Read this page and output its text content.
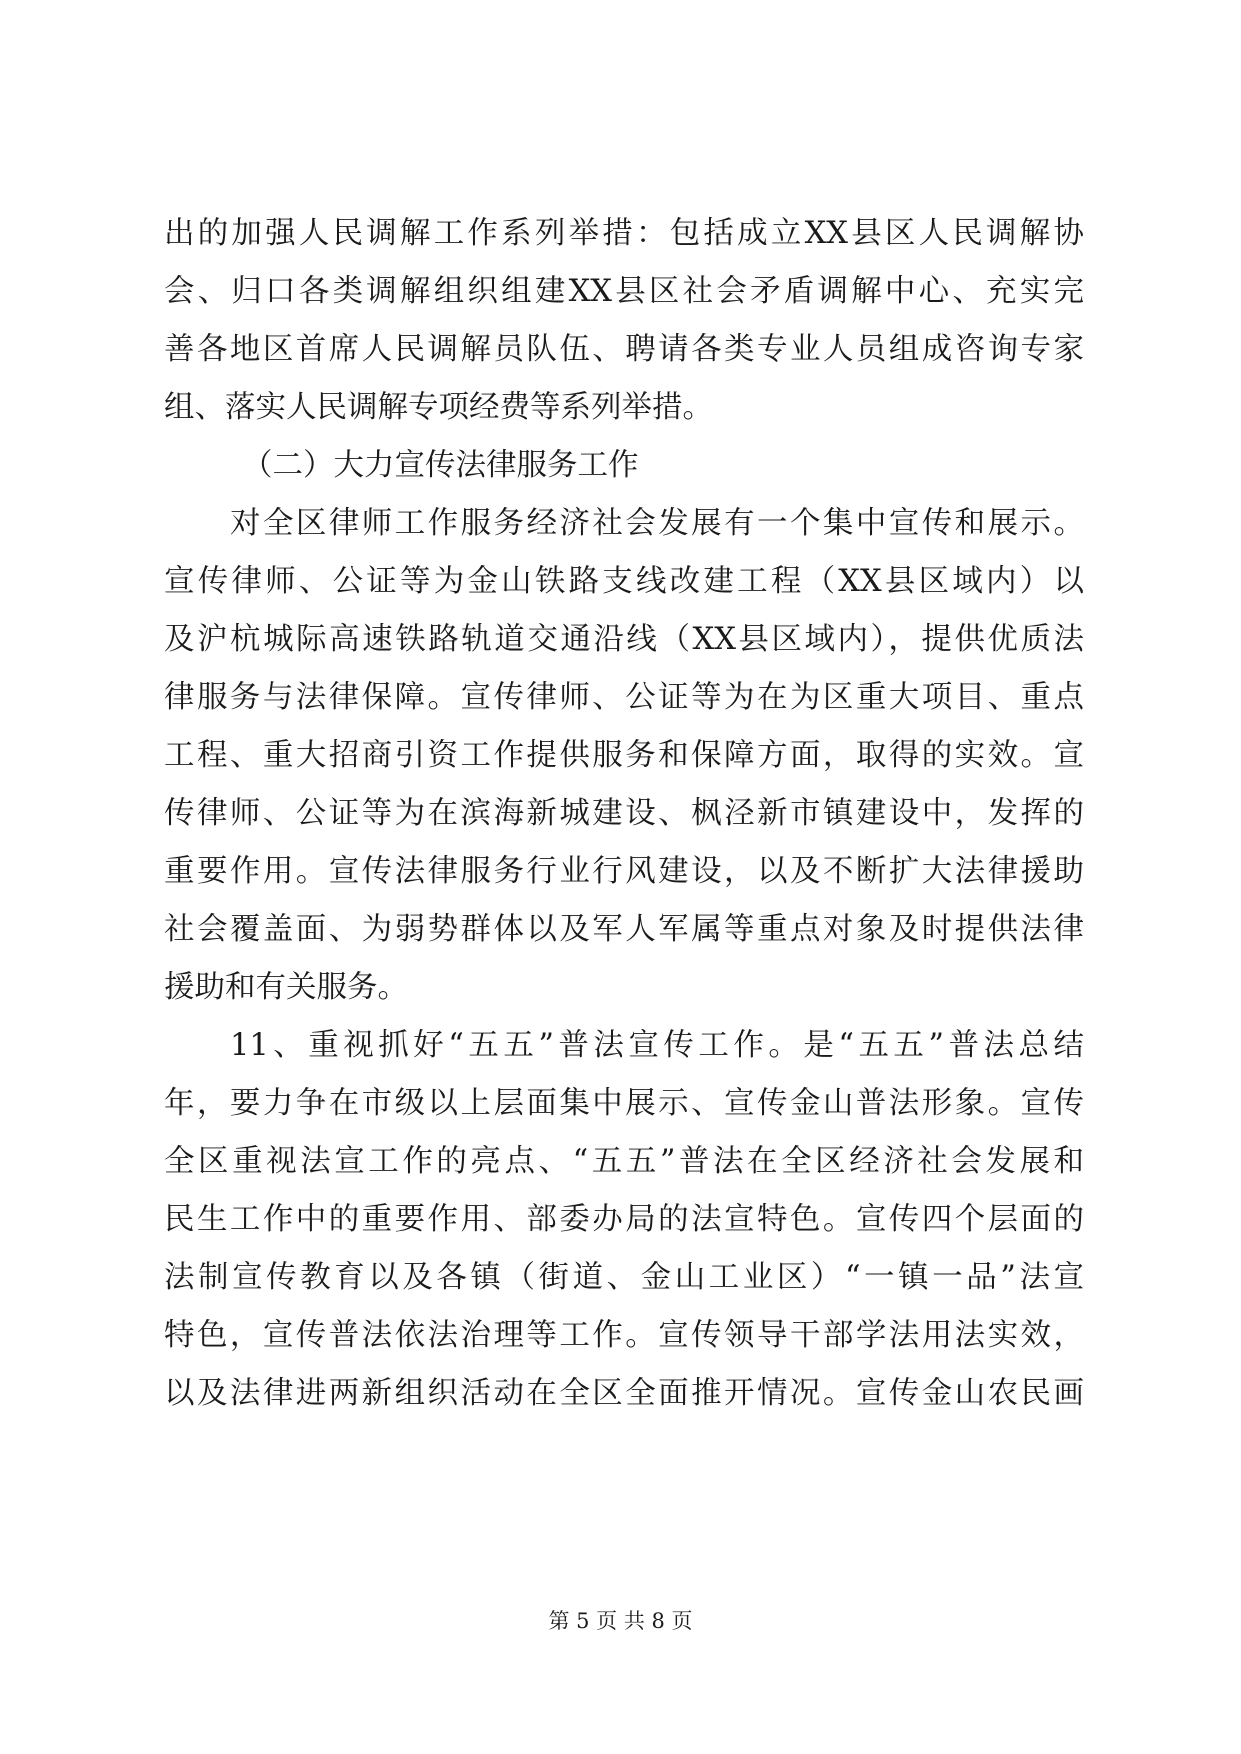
出的加强人民调解工作系列举措：包括成立XX县区人民调解协
会、归口各类调解组织组建XX县区社会矛盾调解中心、充实完
善各地区首席人民调解员队伍、聘请各类专业人员组成咨询专家
组、落实人民调解专项经费等系列举措。
（二）大力宣传法律服务工作
对全区律师工作服务经济社会发展有一个集中宣传和展示。
宣传律师、公证等为金山铁路支线改建工程（XX县区域内）以
及沪杭城际高速铁路轨道交通沿线（XX县区域内），提供优质法
律服务与法律保障。宣传律师、公证等为在为区重大项目、重点
工程、重大招商引资工作提供服务和保障方面，取得的实效。宣
传律师、公证等为在滨海新城建设、枫泾新市镇建设中，发挥的
重要作用。宣传法律服务行业行风建设，以及不断扩大法律援助
社会覆盖面、为弱势群体以及军人军属等重点对象及时提供法律
援助和有关服务。
11、重视抓好“五五”普法宣传工作。是“五五”普法总结
年，要力争在市级以上层面集中展示、宣传金山普法形象。宣传
全区重视法宣工作的亮点、“五五”普法在全区经济社会发展和
民生工作中的重要作用、部委办局的法宣特色。宣传四个层面的
法制宣传教育以及各镇（街道、金山工业区）“一镇一品”法宣
特色，宣传普法依法治理等工作。宣传领导干部学法用法实效，
以及法律进两新组织活动在全区全面推开情况。宣传金山农民画
第 5 页 共 8 页
